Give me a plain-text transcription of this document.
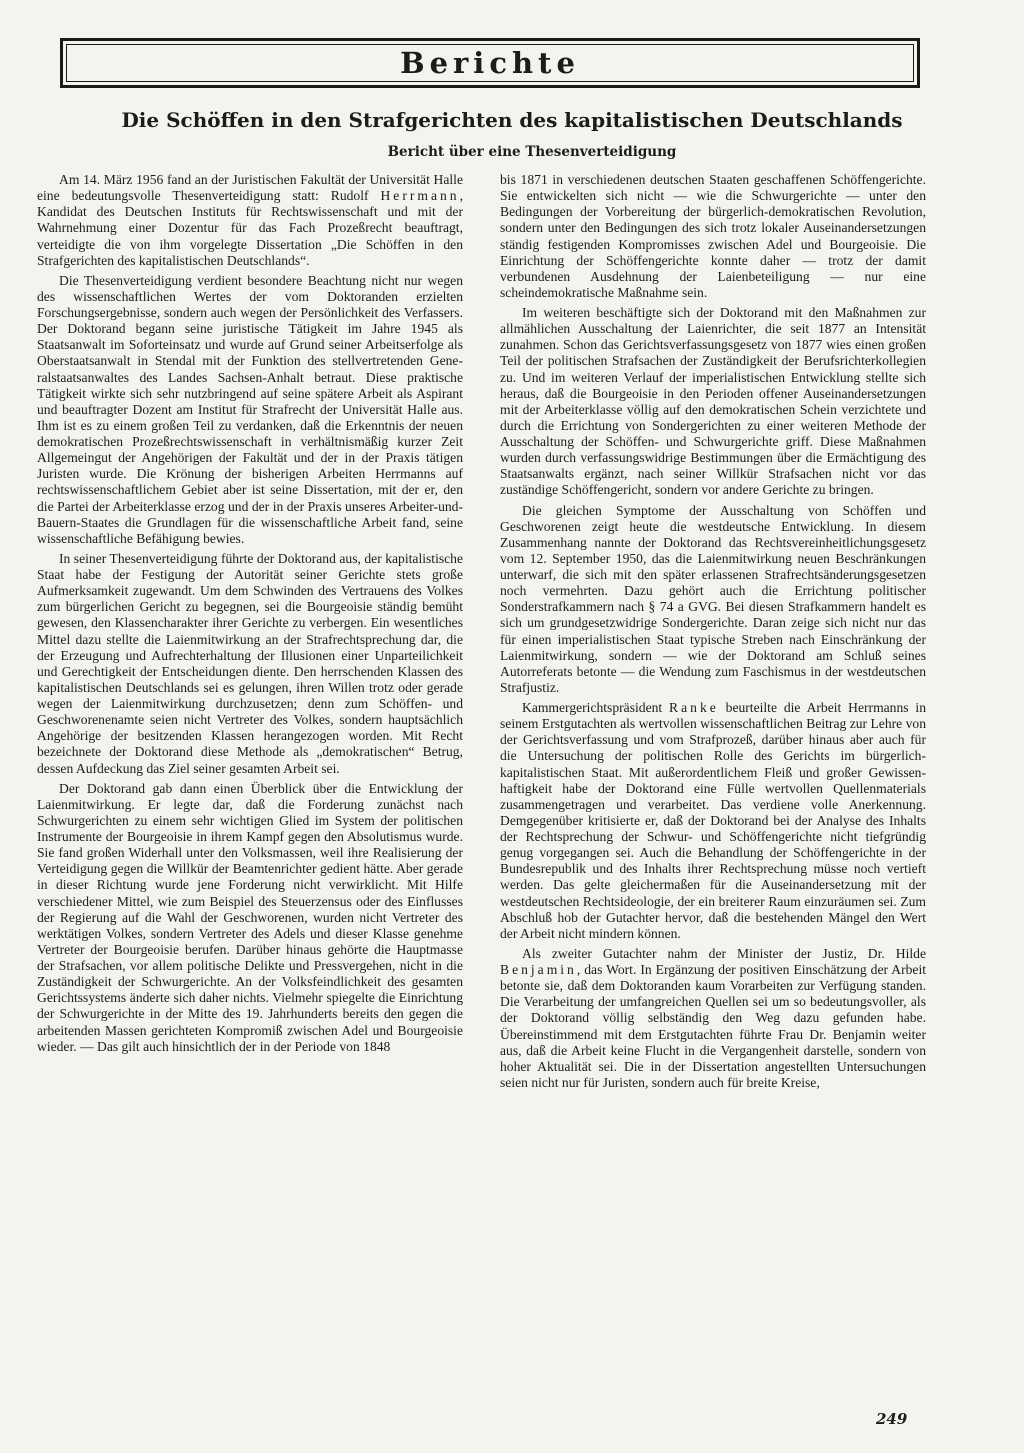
Berichte
Die Schöffen in den Strafgerichten des kapitalistischen Deutschlands
Bericht über eine Thesenverteidigung

Am 14. März 1956 fand an der Juristischen Fakultät der Universität Halle eine bedeutungsvolle Thesenverteidigung statt: Rudolf Herrmann, Kandidat des Deutschen Instituts für Rechtswissenschaft und mit der Wahrnehmung einer Dozentur für das Fach Prozeßrecht beauftragt, verteidigte die von ihm vorgelegte Dissertation „Die Schöffen in den Strafgerichten des kapitalistischen Deutschlands“.

Die Thesenverteidigung verdient besondere Beachtung nicht nur wegen des wissenschaftlichen Wertes der vom Doktoranden erzielten Forschungsergebnisse, sondern auch wegen der Persönlichkeit des Verfassers. Der Doktorand begann seine juristische Tätigkeit im Jahre 1945 als Staatsanwalt im Soforteinsatz und wurde auf Grund seiner Arbeitserfolge als Oberstaatsanwalt in Stendal mit der Funktion des stellvertretenden Generalstaatsanwaltes des Landes Sachsen-Anhalt betraut. Diese praktische Tätigkeit wirkte sich sehr nutzbringend auf seine spätere Arbeit als Aspirant und beauftragter Dozent am Institut für Strafrecht der Universität Halle aus. Ihm ist es zu einem großen Teil zu verdanken, daß die Erkenntnis der neuen demokratischen Prozeßrechtswissenschaft in verhältnismäßig kurzer Zeit Allgemeingut der Angehörigen der Fakultät und der in der Praxis tätigen Juristen wurde. Die Krönung der bisherigen Arbeiten Herrmanns auf rechtswissenschaftlichem Gebiet aber ist seine Dissertation, mit der er, den die Partei der Arbeiterklasse erzog und der in der Praxis unseres Arbeiter-und-Bauern-Staates die Grundlagen für die wissenschaftliche Arbeit fand, seine wissenschaftliche Befähigung bewies.

In seiner Thesenverteidigung führte der Doktorand aus, der kapitalistische Staat habe der Festigung der Autorität seiner Gerichte stets große Aufmerksamkeit zugewandt. Um dem Schwinden des Vertrauens des Volkes zum bürgerlichen Gericht zu begegnen, sei die Bourgeoisie ständig bemüht gewesen, den Klassencharakter ihrer Gerichte zu verbergen. Ein wesentliches Mittel dazu stellte die Laienmitwirkung an der Strafrechtsprechung dar, die der Erzeugung und Aufrechterhaltung der Illusionen einer Unparteilichkeit und Gerechtigkeit der Entscheidungen diente. Den herrschenden Klassen des kapitalistischen Deutschlands sei es gelungen, ihren Willen trotz oder gerade wegen der Laienmitwirkung durchzusetzen; denn zum Schöffen- und Geschworenenamte seien nicht Vertreter des Volkes, sondern hauptsächlich Angehörige der besitzenden Klassen herangezogen worden. Mit Recht bezeichnete der Doktorand diese Methode als „demokratischen“ Betrug, dessen Aufdeckung das Ziel seiner gesamten Arbeit sei.

Der Doktorand gab dann einen Überblick über die Entwicklung der Laienmitwirkung. Er legte dar, daß die Forderung zunächst nach Schwurgerichten zu einem sehr wichtigen Glied im System der politischen Instrumente der Bourgeoisie in ihrem Kampf gegen den Absolutismus wurde. Sie fand großen Widerhall unter den Volksmassen, weil ihre Realisierung der Verteidigung gegen die Willkür der Beamtenrichter gedient hätte. Aber gerade in dieser Richtung wurde jene Forderung nicht verwirklicht. Mit Hilfe verschiedener Mittel, wie zum Beispiel des Steuerzensus oder des Einflusses der Regierung auf die Wahl der Geschworenen, wurden nicht Vertreter des werktätigen Volkes, sondern Vertreter des Adels und dieser Klasse genehme Vertreter der Bourgeoisie berufen. Darüber hinaus gehörte die Hauptmasse der Strafsachen, vor allem politische Delikte und Pressvergehen, nicht in die Zuständigkeit der Schwurgerichte. An der Volksfeindlichkeit des gesamten Gerichtssystems änderte sich daher nichts. Vielmehr spiegelte die Einrichtung der Schwurgerichte in der Mitte des 19. Jahrhunderts bereits den gegen die arbeitenden Massen gerichteten Kompromiß zwischen Adel und Bourgeoisie wieder. — Das gilt auch hinsichtlich der in der Periode von 1848

bis 1871 in verschiedenen deutschen Staaten geschaffenen Schöffengerichte. Sie entwickelten sich nicht — wie die Schwurgerichte — unter den Bedingungen der Vorbereitung der bürgerlich-demokratischen Revolution, sondern unter den Bedingungen des sich trotz lokaler Auseinandersetzungen ständig festigenden Kompromisses zwischen Adel und Bourgeoisie. Die Einrichtung der Schöffengerichte konnte daher — trotz der damit verbundenen Ausdehnung der Laienbeteiligung — nur eine scheindemokratische Maßnahme sein.

Im weiteren beschäftigte sich der Doktorand mit den Maßnahmen zur allmählichen Ausschaltung der Laienrichter, die seit 1877 an Intensität zunahmen. Schon das Gerichtsverfassungsgesetz von 1877 wies einen großen Teil der politischen Strafsachen der Zuständigkeit der Berufsrichterkollegien zu. Und im weiteren Verlauf der imperialistischen Entwicklung stellte sich heraus, daß die Bourgeoisie in den Perioden offener Auseinandersetzungen mit der Arbeiterklasse völlig auf den demokratischen Schein verzichtete und durch die Errichtung von Sondergerichten zu einer weiteren Methode der Ausschaltung der Schöffen- und Schwurgerichte griff. Diese Maßnahmen wurden durch verfassungswidrige Bestimmungen über die Ermächtigung des Staatsanwalts ergänzt, nach seiner Willkür Strafsachen nicht vor das zuständige Schöffengericht, sondern vor andere Gerichte zu bringen.

Die gleichen Symptome der Ausschaltung von Schöffen und Geschworenen zeigt heute die westdeutsche Entwicklung. In diesem Zusammenhang nannte der Doktorand das Rechtsvereinheitlichungsgesetz vom 12. September 1950, das die Laienmitwirkung neuen Beschränkungen unterwarf, die sich mit den später erlassenen Strafrechtsänderungsgesetzen noch vermehrten. Dazu gehört auch die Errichtung politischer Sonderstrafkammern nach § 74 a GVG. Bei diesen Strafkammern handelt es sich um grundgesetzwidrige Sondergerichte. Daran zeige sich nicht nur das für einen imperialistischen Staat typische Streben nach Einschränkung der Laienmitwirkung, sondern — wie der Doktorand am Schluß seines Autorreferats betonte — die Wendung zum Faschismus in der westdeutschen Strafjustiz.

Kammergerichtspräsident Ranke beurteilte die Arbeit Herrmanns in seinem Erstgutachten als wertvollen wissenschaftlichen Beitrag zur Lehre von der Gerichtsverfassung und vom Strafprozeß, darüber hinaus aber auch für die Untersuchung der politischen Rolle des Gerichts im bürgerlich-kapitalistischen Staat. Mit außerordentlichem Fleiß und großer Gewissenhaftigkeit habe der Doktorand eine Fülle wertvollen Quellenmaterials zusammengetragen und verarbeitet. Das verdiene volle Anerkennung. Demgegenüber kritisierte er, daß der Doktorand bei der Analyse des Inhalts der Rechtsprechung der Schwur- und Schöffengerichte nicht tiefgründig genug vorgegangen sei. Auch die Behandlung der Schöffengerichte in der Bundesrepublik und des Inhalts ihrer Rechtsprechung müsse noch vertieft werden. Das gelte gleichermaßen für die Auseinandersetzung mit der westdeutschen Rechtsideologie, der ein breiterer Raum einzuräumen sei. Zum Abschluß hob der Gutachter hervor, daß die bestehenden Mängel den Wert der Arbeit nicht mindern können.

Als zweiter Gutachter nahm der Minister der Justiz, Dr. Hilde Benjamin, das Wort. In Ergänzung der positiven Einschätzung der Arbeit betonte sie, daß dem Doktoranden kaum Vorarbeiten zur Verfügung standen. Die Verarbeitung der umfangreichen Quellen sei um so bedeutungsvoller, als der Doktorand völlig selbständig den Weg dazu gefunden habe. Übereinstimmend mit dem Erstgutachten führte Frau Dr. Benjamin weiter aus, daß die Arbeit keine Flucht in die Vergangenheit darstelle, sondern von hoher Aktualität sei. Die in der Dissertation angestellten Untersuchungen seien nicht nur für Juristen, sondern auch für breite Kreise,

249
